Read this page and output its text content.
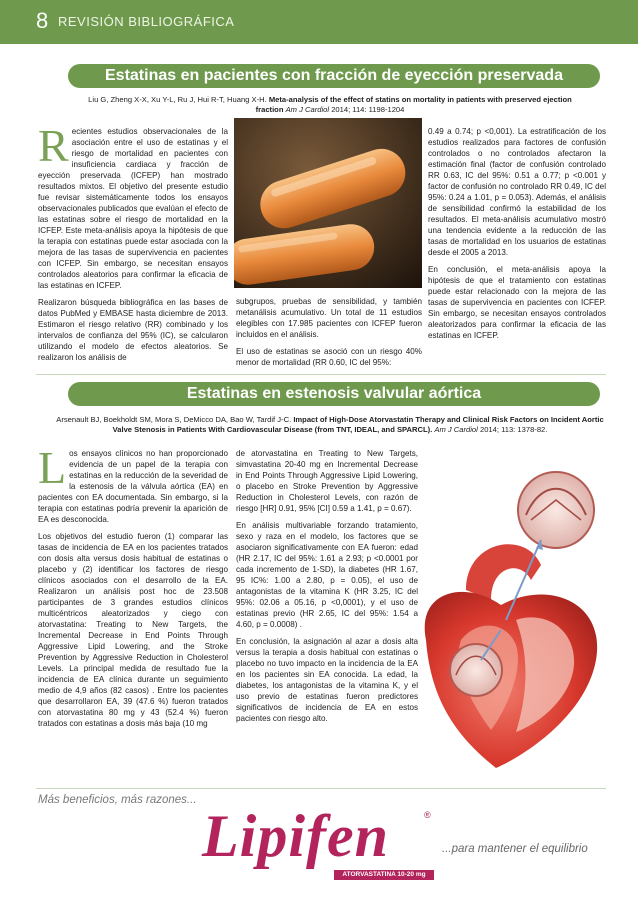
8 REVISIÓN BIBLIOGRÁFICA
Estatinas en pacientes con fracción de eyección preservada
Liu G, Zheng X-X, Xu Y-L, Ru J, Hui R-T, Huang X-H. Meta-analysis of the effect of statins on mortality in patients with preserved ejection fraction Am J Cardiol 2014; 114: 1198-1204

Recientes estudios observacionales de la asociación entre el uso de estatinas y el riesgo de mortalidad en pacientes con insuficiencia cardiaca y fracción de eyección preservada (ICFEP) han mostrado resultados mixtos. El objetivo del presente estudio fue revisar sistemáticamente todos los ensayos observacionales publicados que evalúan el efecto de las estatinas sobre el riesgo de mortalidad en la ICFEP. Este meta-análisis apoya la hipótesis de que la terapia con estatinas puede estar asociada con la mejora de las tasas de supervivencia en pacientes con ICFEP. Sin embargo, se necesitan ensayos controlados aleatorios para confirmar la eficacia de las estatinas en ICFEP.

Realizaron búsqueda bibliográfica en las bases de datos PubMed y EMBASE hasta diciembre de 2013. Estimaron el riesgo relativo (RR) combinado y los intervalos de confianza del 95% (IC), se calcularon utilizando el modelo de efectos aleatorios. Se realizaron los análisis de

subgrupos, pruebas de sensibilidad, y también metanálisis acumulativo. Un total de 11 estudios elegibles con 17.985 pacientes con ICFEP fueron incluidos en el análisis.

El uso de estatinas se asoció con un riesgo 40% menor de mortalidad (RR 0.60, IC del 95%:

0.49 a 0.74; p <0,001). La estratificación de los estudios realizados para factores de confusión controlados o no controlados afectaron la estimación final (factor de confusión controlado RR 0.63, IC del 95%: 0.51 a 0.77; p <0.001 y factor de confusión no controlado RR 0.49, IC del 95%: 0.24 a 1.01, p = 0.053). Además, el análisis de sensibilidad confirmó la estabilidad de los resultados. El meta-análisis acumulativo mostró una tendencia evidente a la reducción de las tasas de mortalidad en los usuarios de estatinas desde el 2005 a 2013.

En conclusión, el meta-análisis apoya la hipótesis de que el tratamiento con estatinas puede estar relacionado con la mejora de las tasas de supervivencia en pacientes con ICFEP. Sin embargo, se necesitan ensayos controlados aleatorizados para confirmar la eficacia de las estatinas en ICFEP.

Estatinas en estenosis valvular aórtica
Arsenault BJ, Boekholdt SM, Mora S, DeMicco DA, Bao W, Tardif J-C. Impact of High-Dose Atorvastatin Therapy and Clinical Risk Factors on Incident Aortic Valve Stenosis in Patients With Cardiovascular Disease (from TNT, IDEAL, and SPARCL). Am J Cardiol 2014; 113: 1378-82.

Los ensayos clínicos no han proporcionado evidencia de un papel de la terapia con estatinas en la reducción de la severidad de la estenosis de la válvula aórtica (EA) en pacientes con EA documentada. Sin embargo, si la terapia con estatinas podría prevenir la aparición de EA es desconocida.

Los objetivos del estudio fueron (1) comparar las tasas de incidencia de EA en los pacientes tratados con dosis alta versus dosis habitual de estatinas o placebo y (2) identificar los factores de riesgo clínicos asociados con el desarrollo de la EA. Realizaron un análisis post hoc de 23.508 participantes de 3 grandes estudios clínicos multicéntricos aleatorizados y ciego con atorvastatina: Treating to New Targets, the Incremental Decrease in End Points Through Aggressive Lipid Lowering, and the Stroke Prevention by Aggressive Reduction in Cholesterol Levels. La principal medida de resultado fue la incidencia de EA clínica durante un seguimiento medio de 4,9 años (82 casos) . Entre los pacientes que desarrollaron EA, 39 (47.6 %) fueron tratados con atorvastatina 80 mg y 43 (52.4 %) fueron tratados con estatinas a dosis más baja (10 mg

de atorvastatina en Treating to New Targets, simvastatina 20-40 mg en Incremental Decrease in End Points Through Aggressive Lipid Lowering, o placebo en Stroke Prevention by Aggressive Reduction in Cholesterol Levels, con razón de riesgo [HR] 0.91, 95% [CI] 0.59 a 1.41, p = 0.67).

En análisis multivariable forzando tratamiento, sexo y raza en el modelo, los factores que se asociaron significativamente con EA fueron: edad (HR 2.17, IC del 95%: 1.61 a 2.93; p <0.0001 por cada incremento de 1-SD), la diabetes (HR 1.67, 95 IC%: 1.00 a 2.80, p = 0.05), el uso de antagonistas de la vitamina K (HR 3.25, IC del 95%: 02.06 a 05.16, p <0,0001), y el uso de estatinas previo (HR 2.65, IC del 95%: 1.54 a 4.60, p = 0.0008) .

En conclusión, la asignación al azar a dosis alta versus la terapia a dosis habitual con estatinas o placebo no tuvo impacto en la incidencia de la EA en los pacientes sin EA conocida. La edad, la diabetes, los antagonistas de la vitamina K, y el uso previo de estatinas fueron predictores significativos de incidencia de EA en estos pacientes con riesgo alto.

Más beneficios, más razones...
Lipifen	®
ATORVASTATINA 10-20 mg
...para mantener el equilibrio
